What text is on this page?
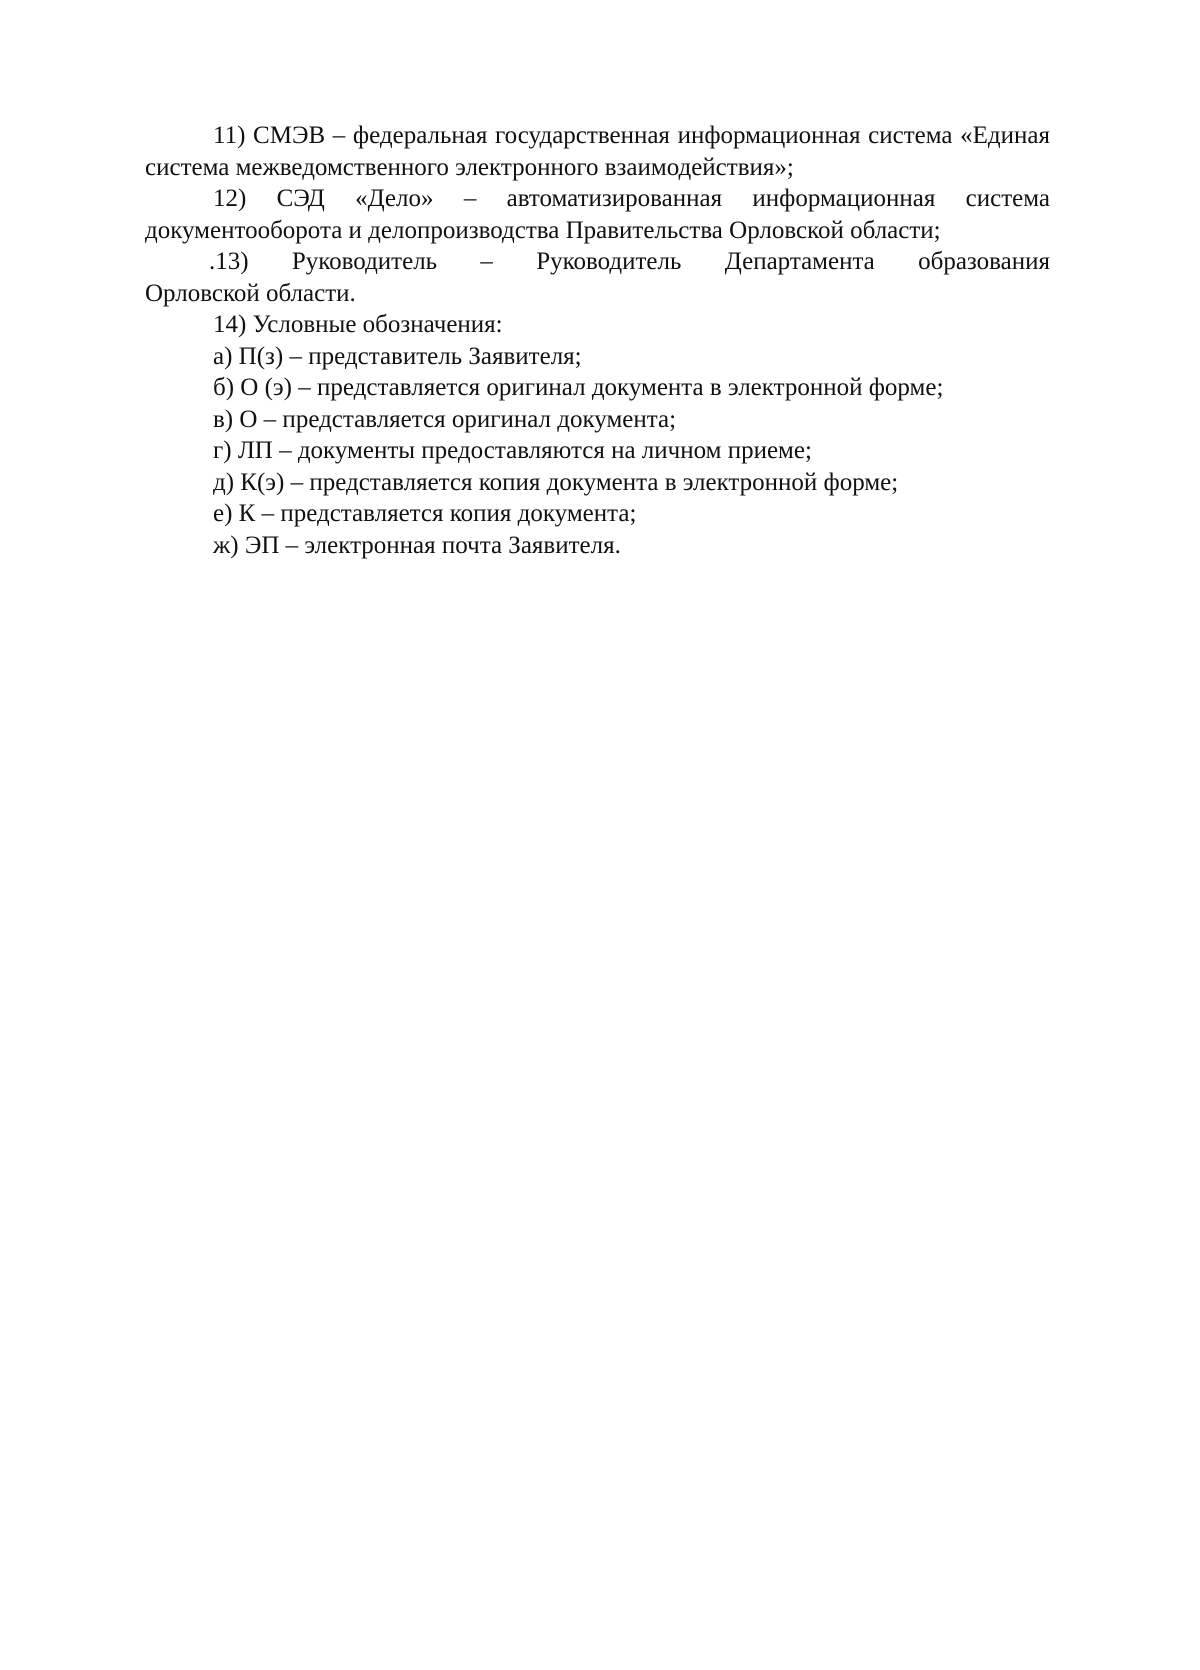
11) СМЭВ – федеральная государственная информационная система «Единая система межведомственного электронного взаимодействия»;

12) СЭД «Дело» – автоматизированная информационная система документооборота и делопроизводства Правительства Орловской области;

.13) Руководитель – Руководитель Департамента образования

Орловской области.

14) Условные обозначения:

а) П(з) – представитель Заявителя;

б) О (э) – представляется оригинал документа в электронной форме;

в) О – представляется оригинал документа;

г) ЛП – документы предоставляются на личном приеме;

д) К(э) – представляется копия документа в электронной форме;

е) К – представляется копия документа;

ж) ЭП – электронная почта Заявителя.
